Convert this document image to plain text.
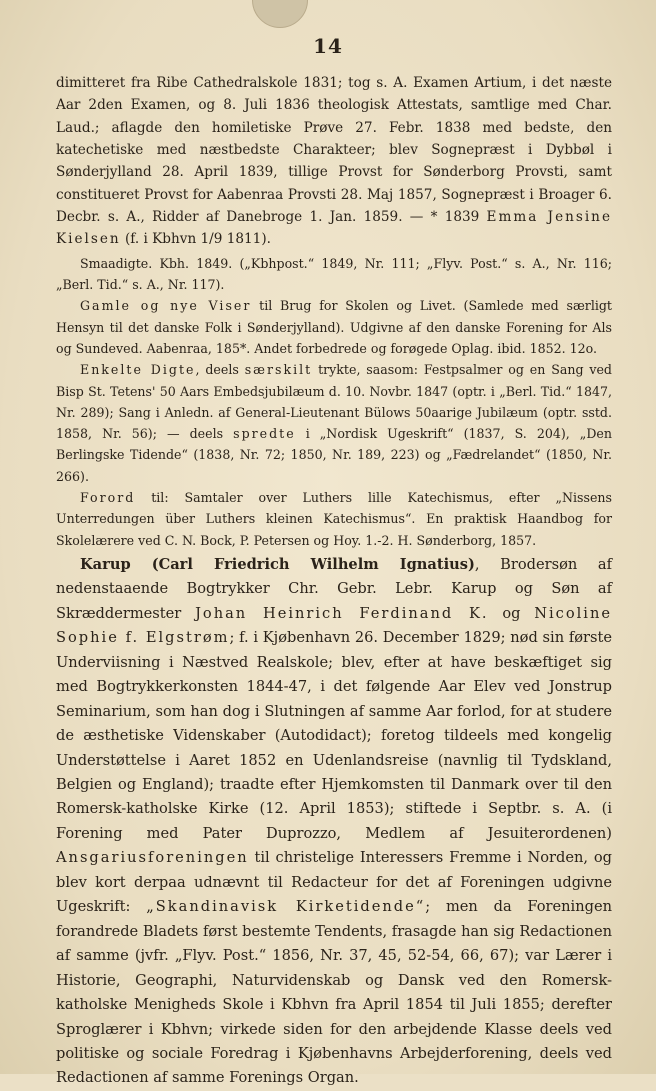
14

dimitteret fra Ribe Cathedralskole 1831; tog s. A. Examen Artium, i det næste Aar 2den Examen, og 8. Juli 1836 theologisk Attestats, samtlige med Char. Laud.; aflagde den homiletiske Prøve 27. Febr. 1838 med bedste, den katechetiske med næstbedste Charakteer; blev Sognepræst i Dybbøl i Sønderjylland 28. April 1839, tillige Provst for Sønderborg Provsti, samt constitueret Provst for Aabenraa Provsti 28. Maj 1857, Sognepræst i Broager 6. Decbr. s. A., Ridder af Danebroge 1. Jan. 1859. — * 1839 Emma Jensine Kielsen (f. i Kbhvn 1/9 1811).

Smaadigte. Kbh. 1849. („Kbhpost.“ 1849, Nr. 111; „Flyv. Post.“ s. A., Nr. 116; „Berl. Tid.“ s. A., Nr. 117).

Gamle og nye Viser til Brug for Skolen og Livet. (Samlede med særligt Hensyn til det danske Folk i Sønderjylland). Udgivne af den danske Forening for Als og Sundeved. Aabenraa, 185*. Andet forbedrede og forøgede Oplag. ibid. 1852. 12o.

Enkelte Digte, deels særskilt trykte, saasom: Festpsalmer og en Sang ved Bisp St. Tetens' 50 Aars Embedsjubilæum d. 10. Novbr. 1847 (optr. i „Berl. Tid.“ 1847, Nr. 289); Sang i Anledn. af General-Lieutenant Bülows 50aarige Jubilæum (optr. sstd. 1858, Nr. 56); — deels spredte i „Nordisk Ugeskrift“ (1837, S. 204), „Den Berlingske Tidende“ (1838, Nr. 72; 1850, Nr. 189, 223) og „Fædrelandet“ (1850, Nr. 266).

Forord til: Samtaler over Luthers lille Katechismus, efter „Nissens Unterredungen über Luthers kleinen Katechismus“. En praktisk Haandbog for Skolelærere ved C. N. Bock, P. Petersen og Hoy. 1.-2. H. Sønderborg, 1857.

Karup (Carl Friedrich Wilhelm Ignatius), Brodersøn af nedenstaaende Bogtrykker Chr. Gebr. Lebr. Karup og Søn af Skræddermester Johan Heinrich Ferdinand K. og Nicoline Sophie f. Elgstrøm; f. i Kjøbenhavn 26. December 1829; nød sin første Underviisning i Næstved Realskole; blev, efter at have beskæftiget sig med Bogtrykkerkonsten 1844-47, i det følgende Aar Elev ved Jonstrup Seminarium, som han dog i Slutningen af samme Aar forlod, for at studere de æsthetiske Videnskaber (Autodidact); foretog tildeels med kongelig Understøttelse i Aaret 1852 en Udenlandsreise (navnlig til Tydskland, Belgien og England); traadte efter Hjemkomsten til Danmark over til den Romersk-katholske Kirke (12. April 1853); stiftede i Septbr. s. A. (i Forening med Pater Duprozzo, Medlem af Jesuiterordenen) Ansgariusforeningen til christelige Interessers Fremme i Norden, og blev kort derpaa udnævnt til Redacteur for det af Foreningen udgivne Ugeskrift: „Skandinavisk Kirketidende“; men da Foreningen forandrede Bladets først bestemte Tendents, frasagde han sig Redactionen af samme (jvfr. „Flyv. Post.“ 1856, Nr. 37, 45, 52-54, 66, 67); var Lærer i Historie, Geographi, Naturvidenskab og Dansk ved den Romersk-katholske Menigheds Skole i Kbhvn fra April 1854 til Juli 1855; derefter Sproglærer i Kbhvn; virkede siden for den arbejdende Klasse deels ved politiske og sociale Foredrag i Kjøbenhavns Arbejderforening, deels ved Redactionen af samme Forenings Organ.
